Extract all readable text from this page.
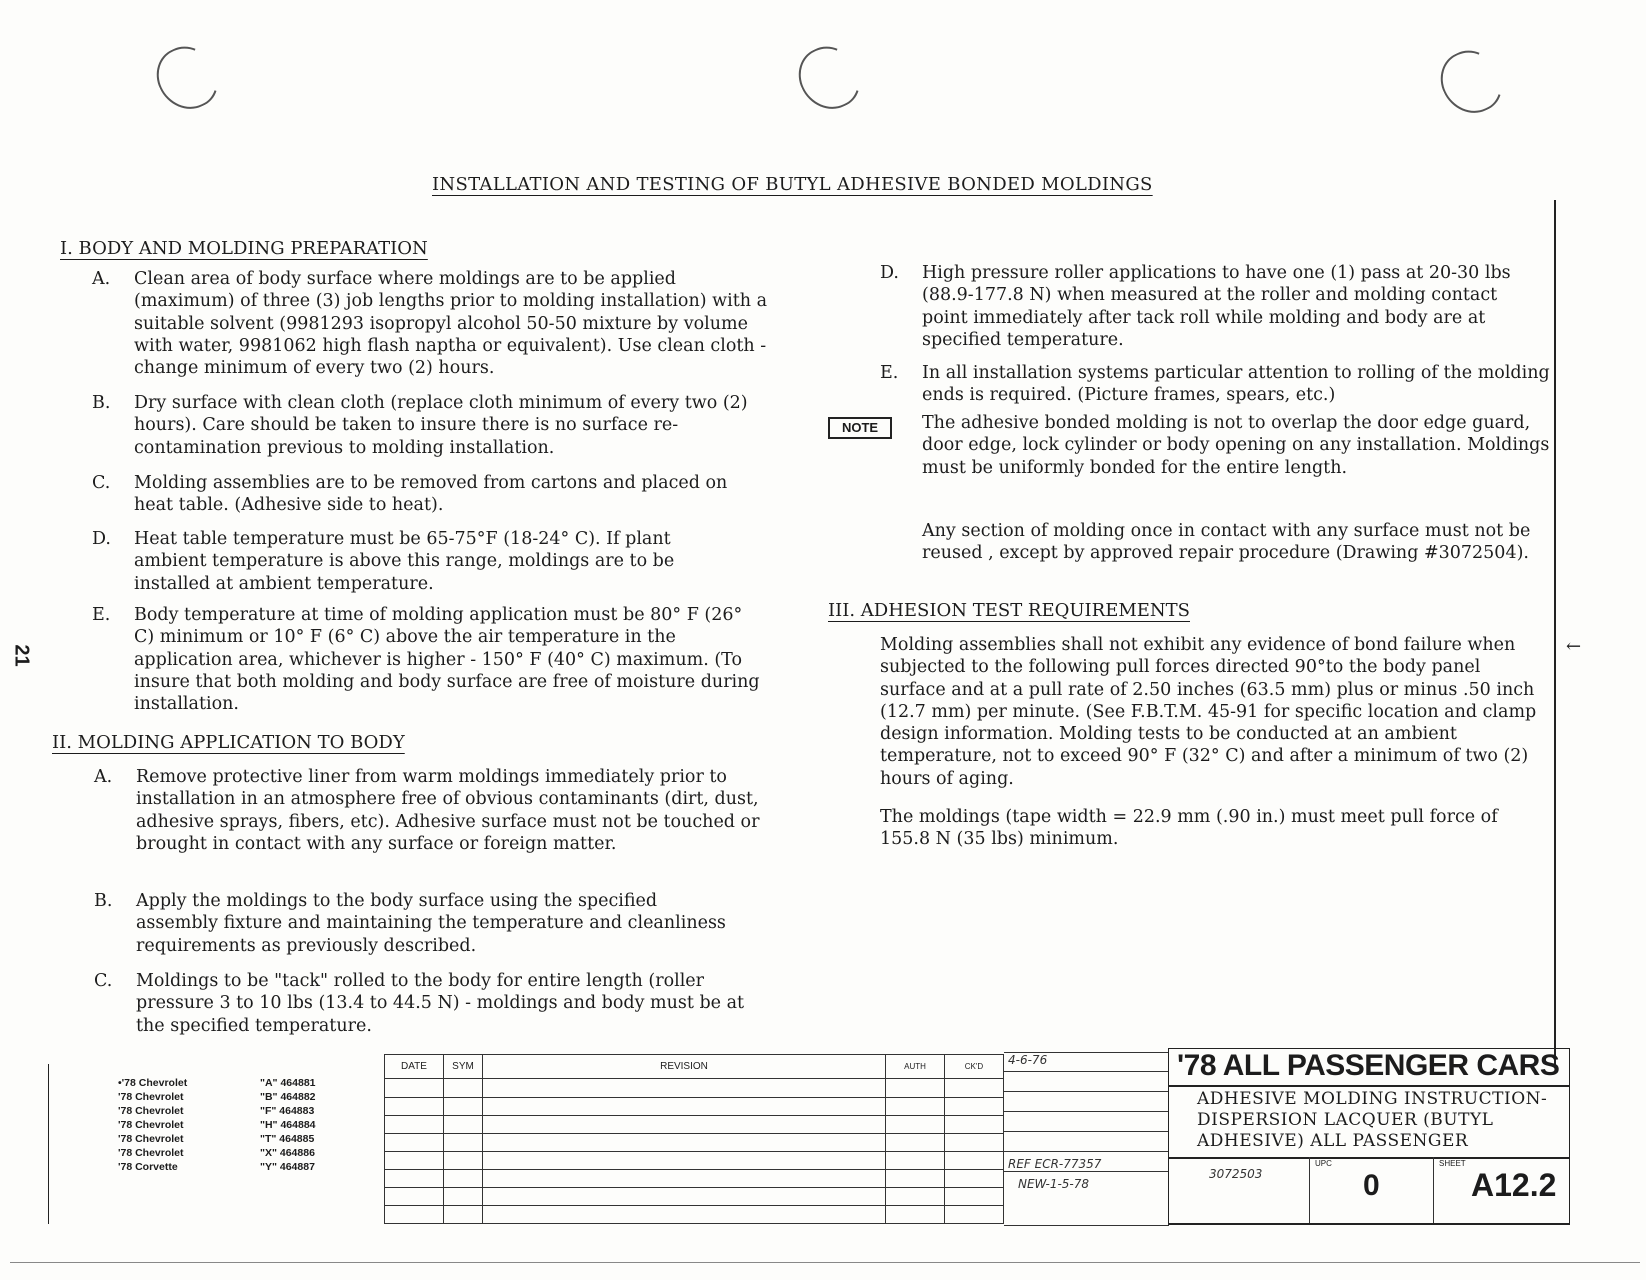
INSTALLATION AND TESTING OF BUTYL ADHESIVE BONDED MOLDINGS
21	←
I. BODY AND MOLDING PREPARATION
A. Clean area of body surface where moldings are to be applied (maximum) of three (3) job lengths prior to molding installation) with a suitable solvent (9981293 isopropyl alcohol 50-50 mixture by volume with water, 9981062 high flash naptha or equivalent). Use clean cloth - change minimum of every two (2) hours.
B. Dry surface with clean cloth (replace cloth minimum of every two (2) hours). Care should be taken to insure there is no surface re-contamination previous to molding installation.
C. Molding assemblies are to be removed from cartons and placed on heat table. (Adhesive side to heat).
D. Heat table temperature must be 65-75°F (18-24° C). If plant ambient temperature is above this range, moldings are to be installed at ambient temperature.
E. Body temperature at time of molding application must be 80° F (26° C) minimum or 10° F (6° C) above the air temperature in the application area, whichever is higher - 150° F (40° C) maximum. (To insure that both molding and body surface are free of moisture during installation.
II. MOLDING APPLICATION TO BODY
A. Remove protective liner from warm moldings immediately prior to installation in an atmosphere free of obvious contaminants (dirt, dust, adhesive sprays, fibers, etc). Adhesive surface must not be touched or brought in contact with any surface or foreign matter.
B. Apply the moldings to the body surface using the specified assembly fixture and maintaining the temperature and cleanliness requirements as previously described.
C. Moldings to be "tack" rolled to the body for entire length (roller pressure 3 to 10 lbs (13.4 to 44.5 N) - moldings and body must be at the specified temperature.
D. High pressure roller applications to have one (1) pass at 20-30 lbs (88.9-177.8 N) when measured at the roller and molding contact point immediately after tack roll while molding and body are at specified temperature.
E. In all installation systems particular attention to rolling of the molding ends is required. (Picture frames, spears, etc.)
NOTE	The adhesive bonded molding is not to overlap the door edge guard, door edge, lock cylinder or body opening on any installation. Moldings must be uniformly bonded for the entire length.
Any section of molding once in contact with any surface must not be reused , except by approved repair procedure (Drawing #3072504).
III. ADHESION TEST REQUIREMENTS
Molding assemblies shall not exhibit any evidence of bond failure when subjected to the following pull forces directed 90°to the body panel surface and at a pull rate of 2.50 inches (63.5 mm) plus or minus .50 inch (12.7 mm) per minute. (See F.B.T.M. 45-91 for specific location and clamp design information. Molding tests to be conducted at an ambient temperature, not to exceed 90° F (32° C) and after a minimum of two (2) hours of aging.
The moldings (tape width = 22.9 mm (.90 in.) must meet pull force of 155.8 N (35 lbs) minimum.
•'78 Chevrolet	"A" 464881
'78 Chevrolet	"B" 464882
'78 Chevrolet	"F" 464883
'78 Chevrolet	"H" 464884
'78 Chevrolet	"T" 464885
'78 Chevrolet	"X" 464886
'78 Corvette	"Y" 464887
DATE	SYM	REVISION	AUTH	CK'D

				4-6-76
REF ECR-77357
NEW-1-5-78
'78 ALL PASSENGER CARS
ADHESIVE MOLDING INSTRUCTION-DISPERSION LACQUER (BUTYL ADHESIVE) ALL PASSENGER
3072503
UPC
0
SHEET
A12.2
